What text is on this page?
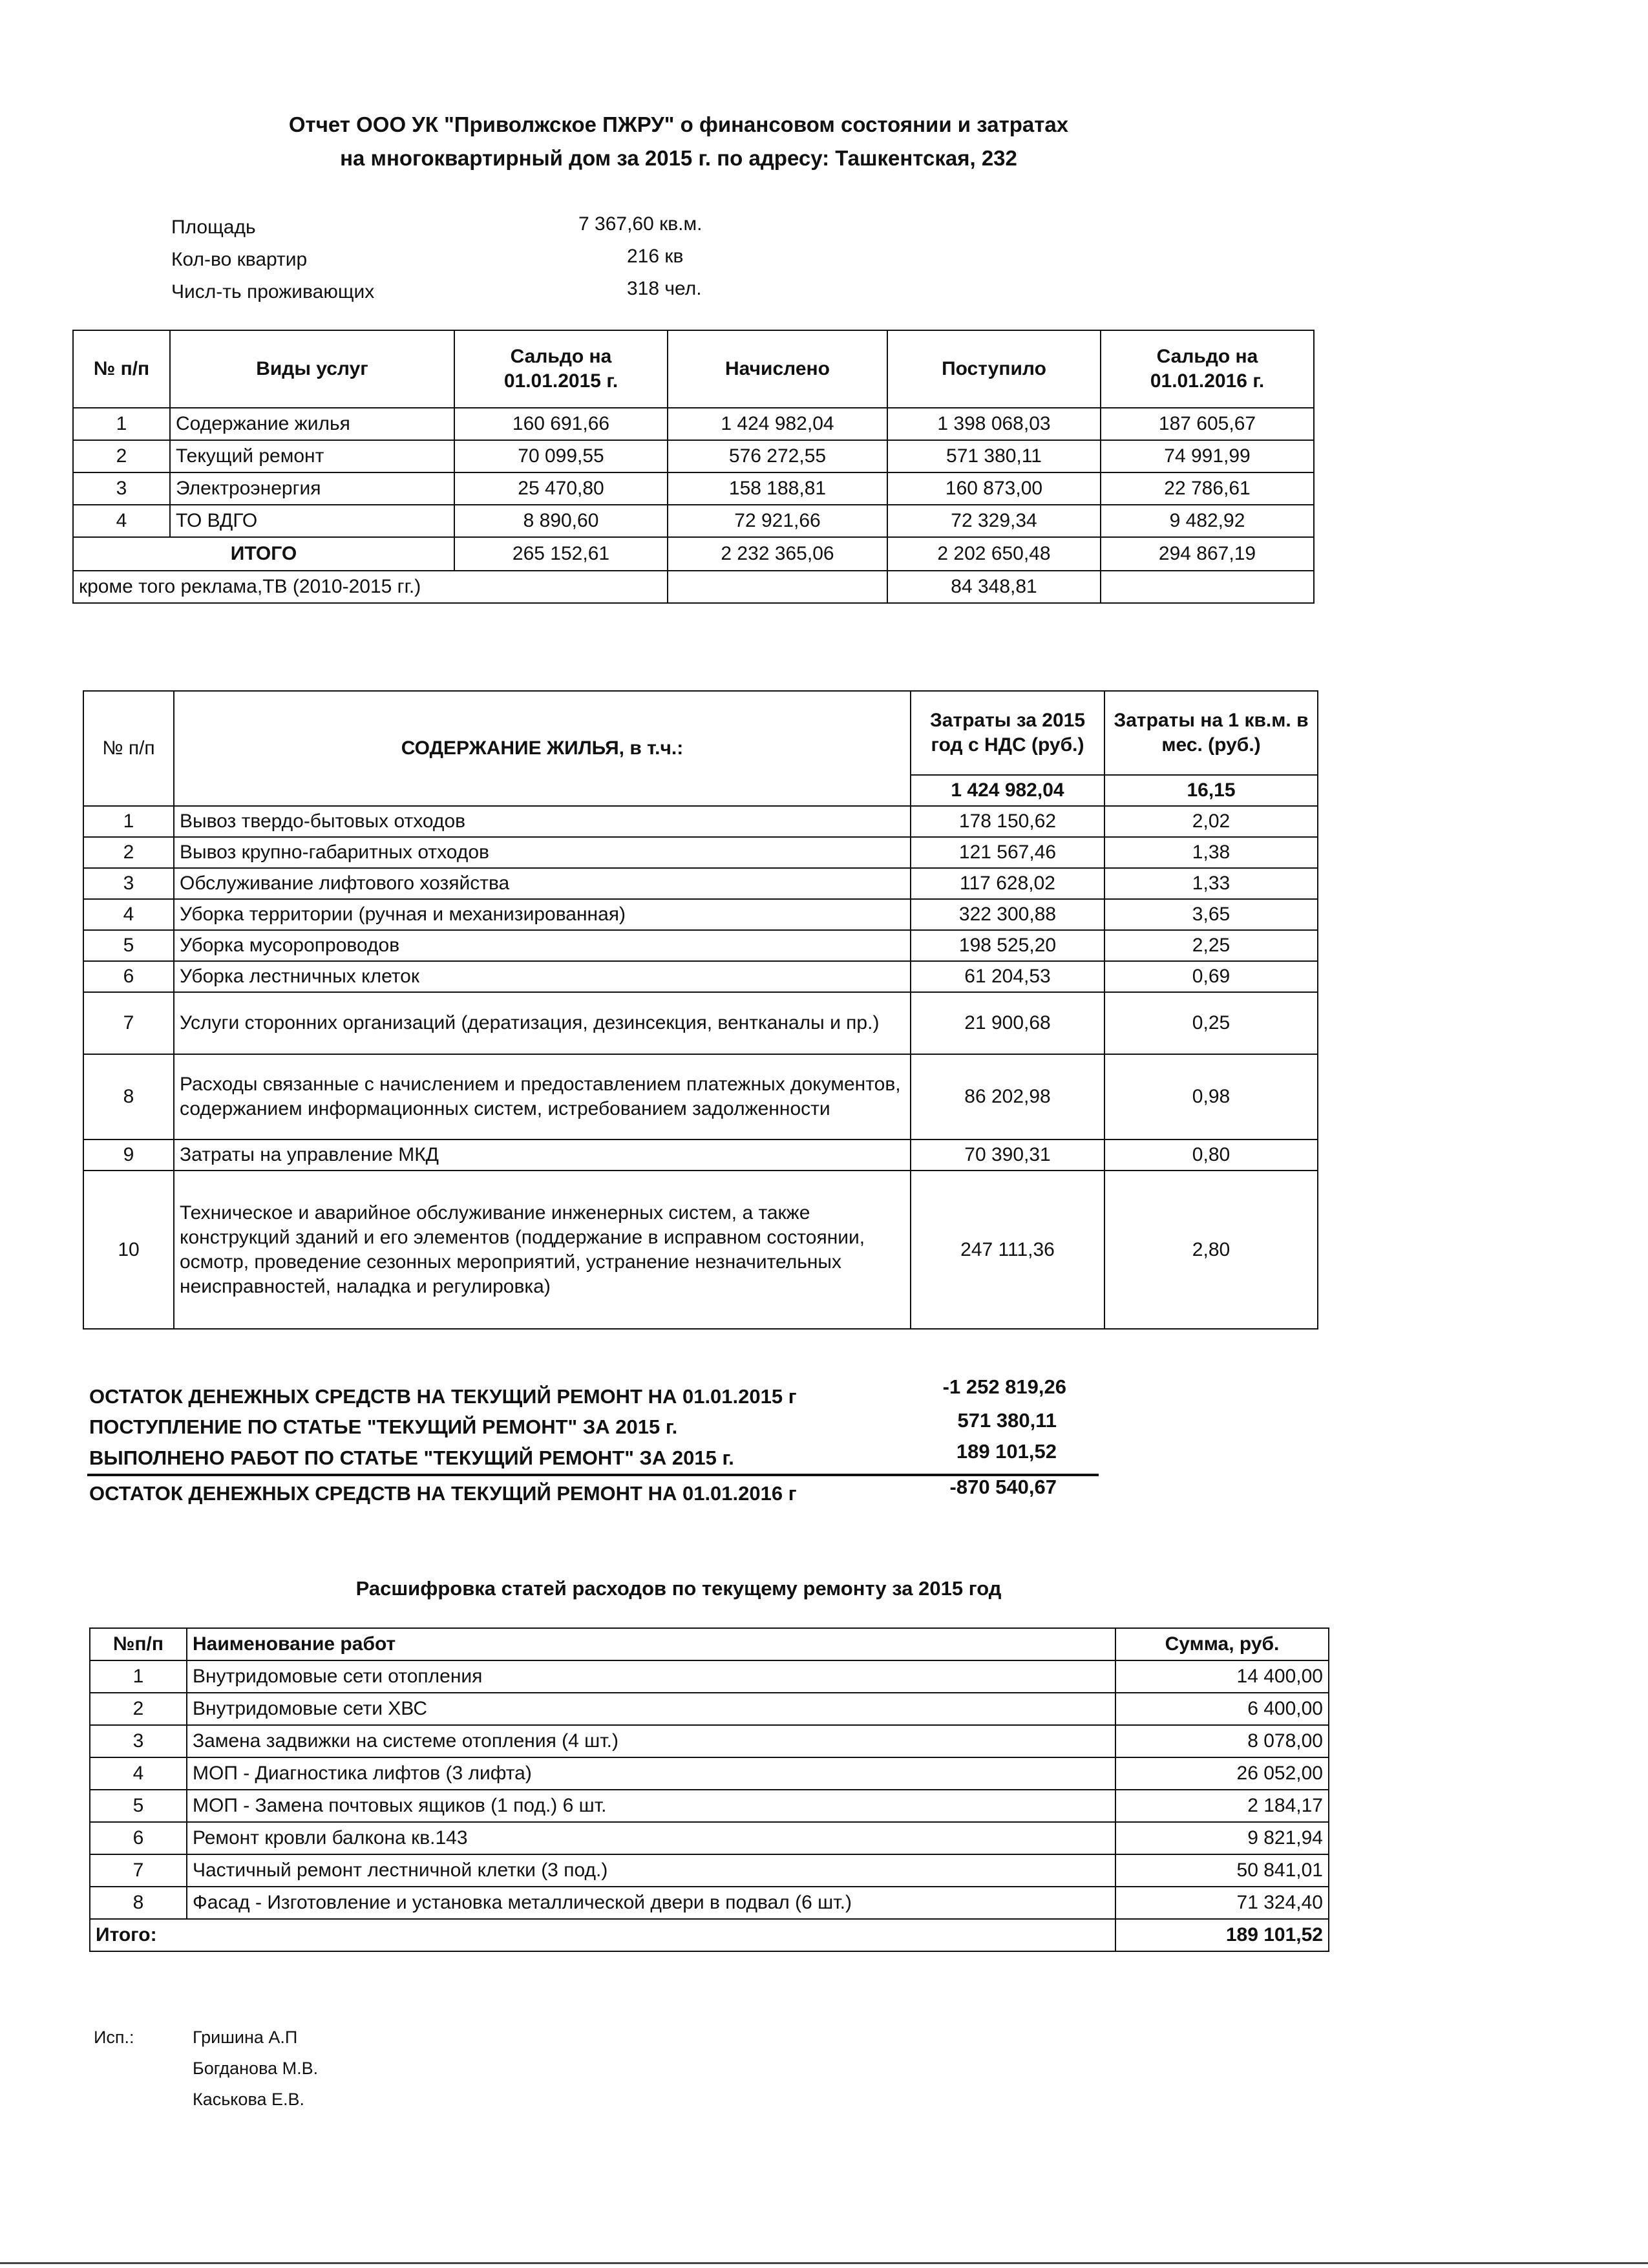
Отчет ООО УК "Приволжское ПЖРУ" о финансовом состоянии и затратах
на многоквартирный дом за 2015 г. по адресу: Ташкентская, 232
Площадь	7 367,60 кв.м.
Кол-во квартир	216 кв
Числ-ть проживающих	318 чел.
№ п/п	Виды услуг	Сальдо на 01.01.2015 г.	Начислено	Поступило	Сальдо на 01.01.2016 г.
1	Содержание жилья	160 691,66	1 424 982,04	1 398 068,03	187 605,67
2	Текущий ремонт	70 099,55	576 272,55	571 380,11	74 991,99
3	Электроэнергия	25 470,80	158 188,81	160 873,00	22 786,61
4	ТО ВДГО	8 890,60	72 921,66	72 329,34	9 482,92
ИТОГО		265 152,61	2 232 365,06	2 202 650,48	294 867,19
кроме того реклама,ТВ (2010-2015 гг.)				84 348,81	
№ п/п	СОДЕРЖАНИЕ ЖИЛЬЯ, в т.ч.:	Затраты за 2015 год с НДС (руб.)	Затраты на 1 кв.м. в мес. (руб.)
		1 424 982,04	16,15
1	Вывоз твердо-бытовых отходов	178 150,62	2,02
2	Вывоз крупно-габаритных отходов	121 567,46	1,38
3	Обслуживание лифтового хозяйства	117 628,02	1,33
4	Уборка территории (ручная и механизированная)	322 300,88	3,65
5	Уборка мусоропроводов	198 525,20	2,25
6	Уборка лестничных клеток	61 204,53	0,69
7	Услуги сторонних организаций (дератизация, дезинсекция, вентканалы и пр.)	21 900,68	0,25
8	Расходы связанные с начислением и предоставлением платежных документов, содержанием информационных систем, истребованием задолженности	86 202,98	0,98
9	Затраты на управление МКД	70 390,31	0,80
10	Техническое и аварийное обслуживание инженерных систем, а также конструкций зданий и его элементов (поддержание в исправном состоянии, осмотр, проведение сезонных мероприятий, устранение незначительных неисправностей, наладка и регулировка)	247 111,36	2,80
ОСТАТОК ДЕНЕЖНЫХ СРЕДСТВ НА ТЕКУЩИЙ РЕМОНТ НА 01.01.2015 г	-1 252 819,26
ПОСТУПЛЕНИЕ ПО СТАТЬЕ "ТЕКУЩИЙ РЕМОНТ" ЗА 2015 г.	571 380,11
ВЫПОЛНЕНО РАБОТ ПО СТАТЬЕ "ТЕКУЩИЙ РЕМОНТ" ЗА 2015 г.	189 101,52
ОСТАТОК ДЕНЕЖНЫХ СРЕДСТВ НА ТЕКУЩИЙ РЕМОНТ НА 01.01.2016 г	-870 540,67
Расшифровка статей расходов по текущему ремонту за 2015 год
№п/п	Наименование работ	Сумма, руб.
1	Внутридомовые сети отопления	14 400,00
2	Внутридомовые сети ХВС	6 400,00
3	Замена задвижки на системе отопления (4 шт.)	8 078,00
4	МОП - Диагностика лифтов (3 лифта)	26 052,00
5	МОП - Замена почтовых ящиков (1 под.) 6 шт.	2 184,17
6	Ремонт кровли балкона кв.143	9 821,94
7	Частичный ремонт лестничной клетки (3 под.)	50 841,01
8	Фасад - Изготовление и установка металлической двери в подвал (6 шт.)	71 324,40
Итого:		189 101,52
Исп.:	Гришина А.П
Богданова М.В.
Каськова Е.В.
